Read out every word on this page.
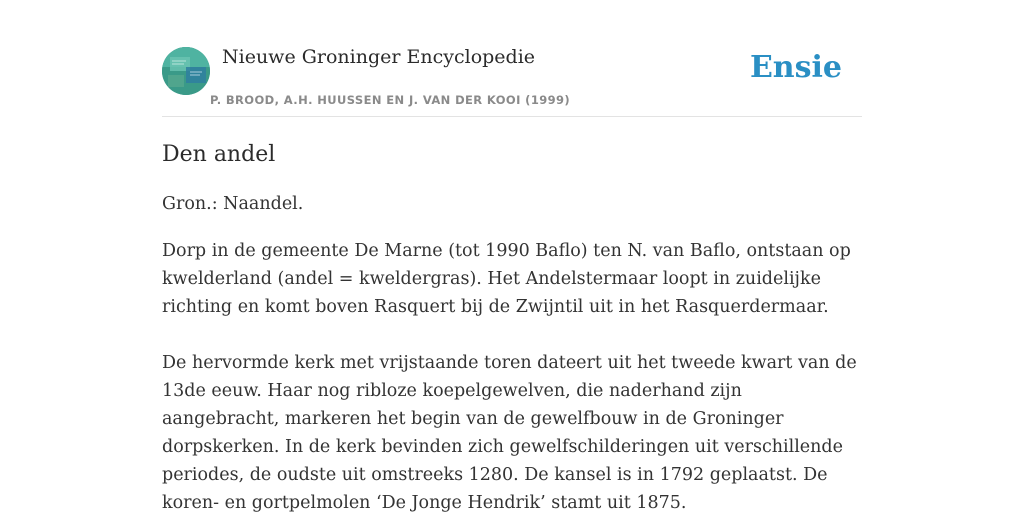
Nieuwe Groninger Encyclopedie
P. BROOD, A.H. HUUSSEN EN J. VAN DER KOOI (1999)
Ensie
Den andel

Gron.: Naandel.

Dorp in de gemeente De Marne (tot 1990 Baflo) ten N. van Baflo, ontstaan op kwelderland (andel = kweldergras). Het Andelstermaar loopt in zuidelijke richting en komt boven Rasquert bij de Zwijntil uit in het Rasquerdermaar.

De hervormde kerk met vrijstaande toren dateert uit het tweede kwart van de 13de eeuw. Haar nog ribloze koepelgewelven, die naderhand zijn aangebracht, markeren het begin van de gewelfbouw in de Groninger dorpskerken. In de kerk bevinden zich gewelfschilderingen uit verschillende periodes, de oudste uit omstreeks 1280. De kansel is in 1792 geplaatst. De koren- en gortpelmolen ‘De Jonge Hendrik’ stamt uit 1875.
